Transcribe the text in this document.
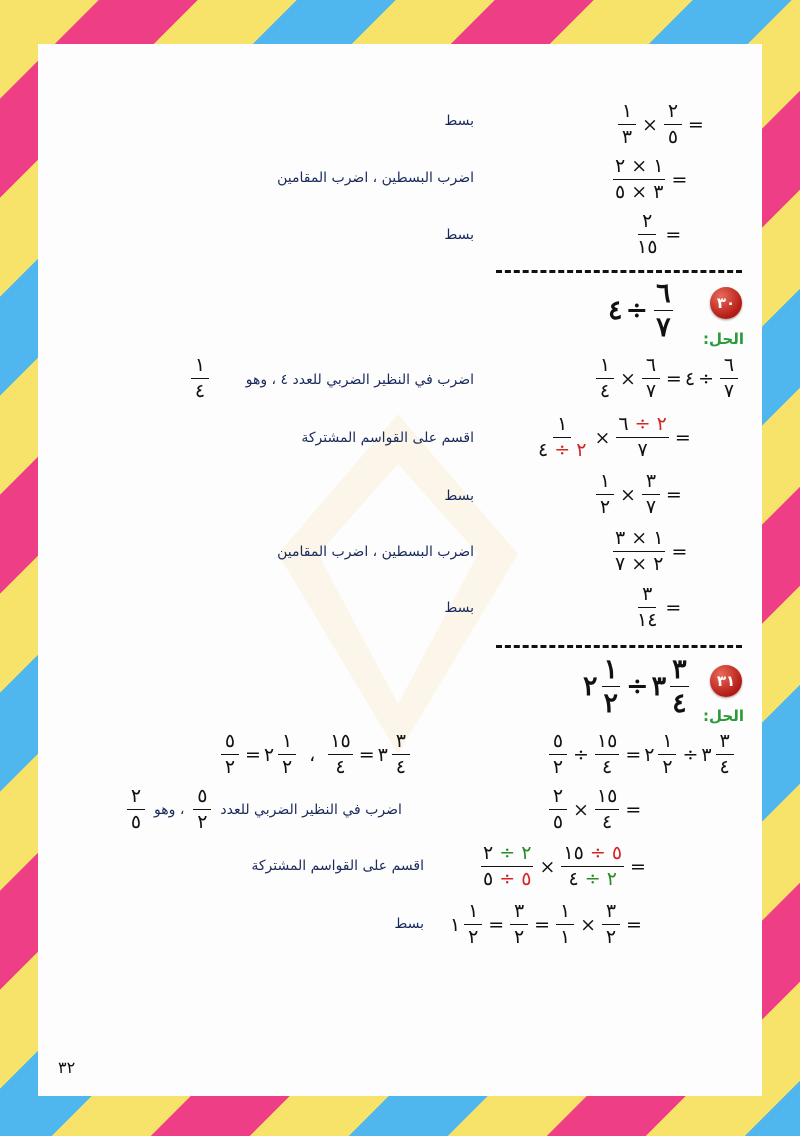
$\frac{١}{٣} \times \frac{٢}{٥}$ =
بسط
$\frac{١ \times ٢}{٣ \times ٥}$ =
اضرب البسطين ، اضرب المقامين
$\frac{٢}{١٥}$ =
بسط
٣٠
٤ ÷ $\frac{٦}{٧}$ الحل:
$\frac{١}{٤} \times \frac{٦}{٧}$ = ٤ ÷ $\frac{٦}{٧}$
اضرب في النظير الضربي للعدد ٤ ، وهو
$\frac{١}{٤}$
$\frac{١}{٢ \div ٤} \times \frac{٢ \div ٦}{٧}$ =
اقسم على القواسم المشتركة
$\frac{١}{٢} \times \frac{٣}{٧}$ =
بسط
$\frac{١ \times ٣}{٢ \times ٧}$ =
اضرب البسطين ، اضرب المقامين
$\frac{٣}{١٤}$ =
بسط
٣١
٢ $\frac{١}{٢}$ ÷ ٣ $\frac{٣}{٤}$ الحل:
$\frac{٥}{٢} \div \frac{١٥}{٤}$ = ٢ $\frac{١}{٢}$ ÷ ٣ $\frac{٣}{٤}$
$\frac{٥}{٢}$ = ٢ $\frac{١}{٢}$ ، $\frac{١٥}{٤}$ = ٣ $\frac{٣}{٤}$
$\frac{٢}{٥} \times \frac{١٥}{٤}$ =
$\frac{٢}{٥}$ ، وهو $\frac{٥}{٢}$ اضرب في النظير الضربي للعدد
$\frac{٢ \div ٢}{٥ \div ٥} \times \frac{٥ \div ١٥}{٢ \div ٤}$ =
اقسم على القواسم المشتركة
١ $\frac{١}{٢} = \frac{٣}{٢} = \frac{١}{١} \times \frac{٣}{٢}$ =
بسط
٣٢
